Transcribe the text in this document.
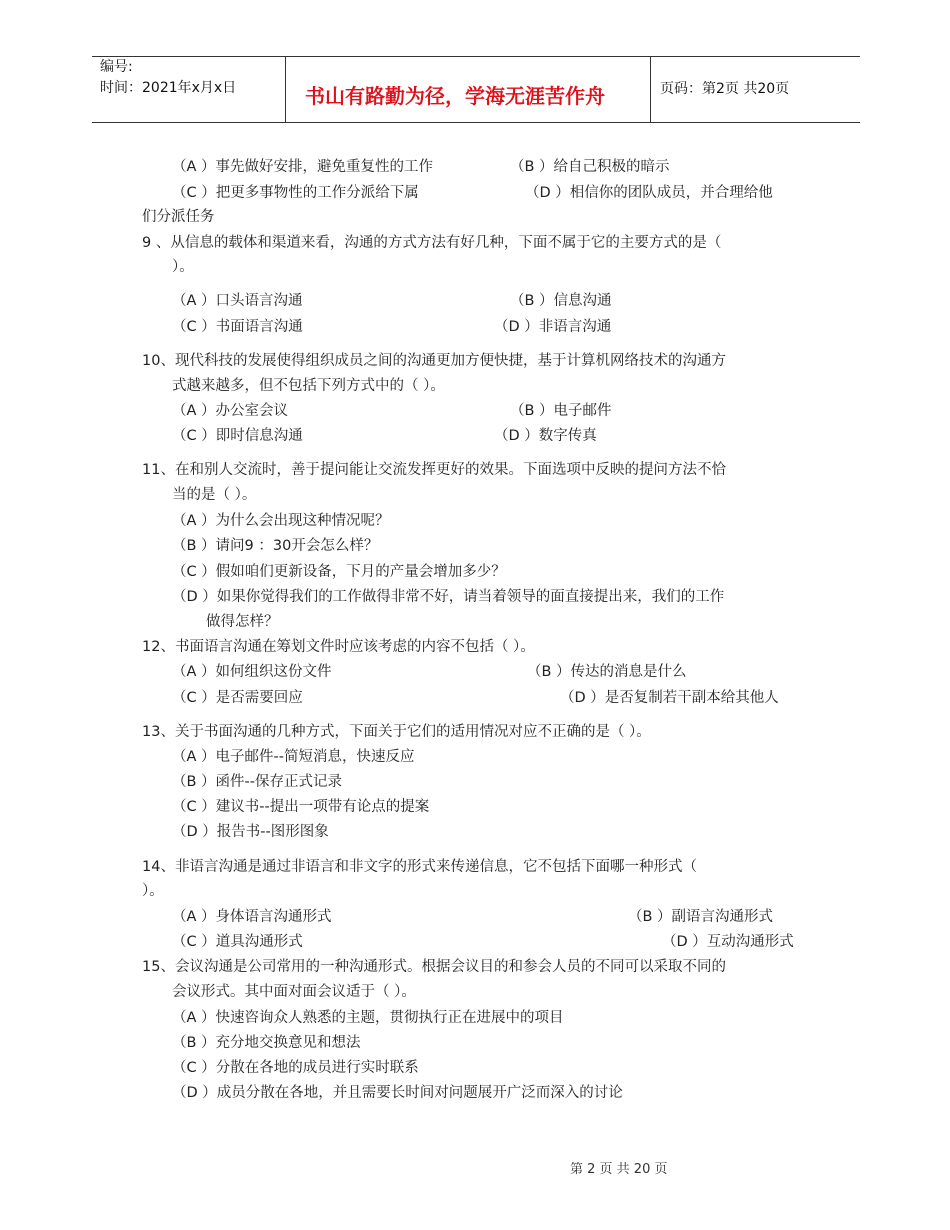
编号:
时间：2021年x月x日	书山有路勤为径，学海无涯苦作舟	页码：第2页 共20页
（A ）事先做好安排，避免重复性的工作	（B ）给自己积极的暗示
（C ）把更多事物性的工作分派给下属	（D ）相信你的团队成员，并合理给他
们分派任务
9 、从信息的载体和渠道来看，沟通的方式方法有好几种，下面不属于它的主要方式的是（
）。
（A ）口头语言沟通	（B ）信息沟通
（C ）书面语言沟通	（D ）非语言沟通
10、现代科技的发展使得组织成员之间的沟通更加方便快捷，基于计算机网络技术的沟通方
式越来越多，但不包括下列方式中的（ ）。
（A ）办公室会议	（B ）电子邮件
（C ）即时信息沟通	（D ）数字传真
11、在和别人交流时，善于提问能让交流发挥更好的效果。下面选项中反映的提问方法不恰
当的是（ ）。
（A ）为什么会出现这种情况呢？
（B ）请问9 ：30开会怎么样？
（C ）假如咱们更新设备，下月的产量会增加多少？
（D ）如果你觉得我们的工作做得非常不好，请当着领导的面直接提出来，我们的工作
做得怎样？
12、书面语言沟通在筹划文件时应该考虑的内容不包括（ ）。
（A ）如何组织这份文件	（B ）传达的消息是什么
（C ）是否需要回应	（D ）是否复制若干副本给其他人
13、关于书面沟通的几种方式，下面关于它们的适用情况对应不正确的是（ ）。
（A ）电子邮件--简短消息，快速反应
（B ）函件--保存正式记录
（C ）建议书--提出一项带有论点的提案
（D ）报告书--图形图象
14、非语言沟通是通过非语言和非文字的形式来传递信息，它不包括下面哪一种形式（
）。
（A ）身体语言沟通形式	（B ）副语言沟通形式
（C ）道具沟通形式	（D ）互动沟通形式
15、会议沟通是公司常用的一种沟通形式。根据会议目的和参会人员的不同可以采取不同的
会议形式。其中面对面会议适于（ ）。
（A ）快速咨询众人熟悉的主题，贯彻执行正在进展中的项目
（B ）充分地交换意见和想法
（C ）分散在各地的成员进行实时联系
（D ）成员分散在各地，并且需要长时间对问题展开广泛而深入的讨论
第 2 页 共 20 页
